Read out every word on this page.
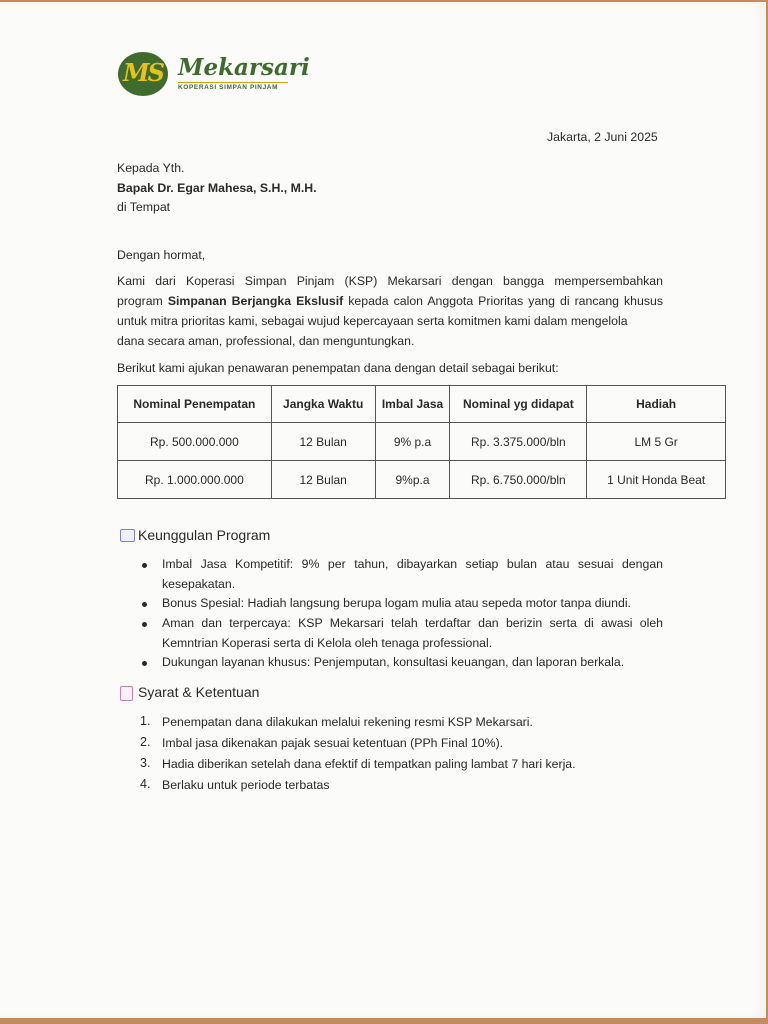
MS Mekarsari
KOPERASI SIMPAN PINJAM
Jakarta, 2 Juni 2025
Kepada Yth.
Bapak Dr. Egar Mahesa, S.H., M.H.
di Tempat
Dengan hormat,
Kami dari Koperasi Simpan Pinjam (KSP) Mekarsari dengan bangga mempersembahkan
program Simpanan Berjangka Ekslusif kepada calon Anggota Prioritas yang di rancang khusus
untuk mitra prioritas kami, sebagai wujud kepercayaan serta komitmen kami dalam mengelola
dana secara aman, professional, dan menguntungkan.
Berikut kami ajukan penawaran penempatan dana dengan detail sebagai berikut:
Nominal Penempatan	Jangka Waktu	Imbal Jasa	Nominal yg didapat	Hadiah
Rp. 500.000.000	12 Bulan	9% p.a	Rp. 3.375.000/bln	LM 5 Gr
Rp. 1.000.000.000	12 Bulan	9%p.a	Rp. 6.750.000/bln	1 Unit Honda Beat
Keunggulan Program
Imbal Jasa Kompetitif: 9% per tahun, dibayarkan setiap bulan atau sesuai dengan
kesepakatan.
Bonus Spesial: Hadiah langsung berupa logam mulia atau sepeda motor tanpa diundi.
Aman dan terpercaya: KSP Mekarsari telah terdaftar dan berizin serta di awasi oleh
Kemntrian Koperasi serta di Kelola oleh tenaga professional.
Dukungan layanan khusus: Penjemputan, konsultasi keuangan, dan laporan berkala.
Syarat & Ketentuan
1. Penempatan dana dilakukan melalui rekening resmi KSP Mekarsari.
2. Imbal jasa dikenakan pajak sesuai ketentuan (PPh Final 10%).
3. Hadia diberikan setelah dana efektif di tempatkan paling lambat 7 hari kerja.
4. Berlaku untuk periode terbatas
